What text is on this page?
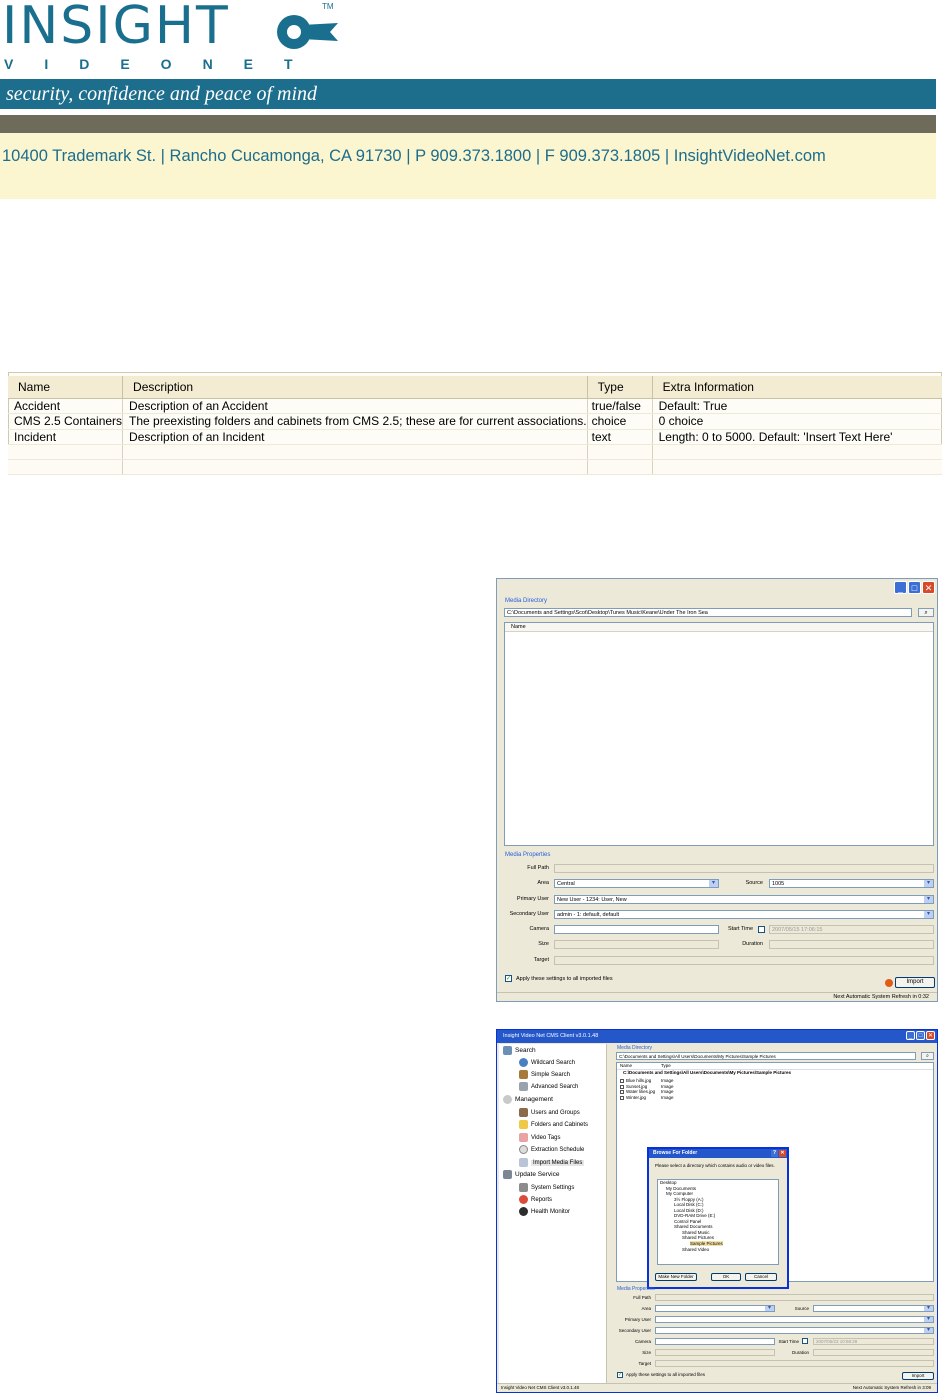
INSIGHT	TM
VIDEONET
security, confidence and peace of mind
10400 Trademark St. | Rancho Cucamonga, CA 91730 | P 909.373.1800 | F 909.373.1805 | InsightVideoNet.com
Name	Description	Type	Extra Information
Accident	Description of an Accident	true/false	Default: True
CMS 2.5 Containers	The preexisting folders and cabinets from CMS 2.5; these are for current associations.	choice	0 choice
Incident	Description of an Incident	text	Length: 0 to 5000. Default: 'Insert Text Here'

_ □ ✕
Media Directory
C:\Documents and Settings\Scot\Desktop\Tunes Music\Keane\Under The Iron Sea	⌕
Name
Media Properties
Full Path
Area	Central	▾	Source	1005	▾
Primary User	New User - 1234: User, New	▾
Secondary User	admin - 1: default, default	▾
Camera	Start Time	2007/05/15 17:06:15
Size	Duration
Target
✓ Apply these settings to all imported files	Import
Next Automatic System Refresh in 0:32
Insight Video Net CMS Client v3.0.1.48	_	□ ✕
Search
Wildcard Search
Simple Search
Advanced Search
Management
Users and Groups
Folders and Cabinets
Video Tags
Extraction Schedule
Import Media Files
Update Service
System Settings
Reports
Health Monitor
Media Directory
C:\Documents and Settings\All Users\Documents\My Pictures\Sample Pictures	⌕
Name	Type
C:\Documents and Settings\All Users\Documents\My Pictures\Sample Pictures
Blue hills.jpg	Image
Sunset.jpg	Image
Water lilies.jpg	Image
Winter.jpg	Image
Browse For Folder	✕
?
Please select a directory which contains audio or video files.
Desktop
My Documents
My Computer
3½ Floppy (A:)
Local Disk (C:)
Local Disk (D:)
DVD-RAM Drive (E:)
Control Panel
Shared Documents
Shared Music
Shared Pictures
Sample Pictures
Shared Video
Make New Folder	OK	Cancel
Media Properties
Full Path
Area	▾	Source	▾
Primary User	▾
Secondary User	▾
Camera	Start Time	2007/05/23 10:56:28
Size	Duration
Target
✓ Apply these settings to all imported files	Import
Insight Video Net CMS Client v3.0.1.48	Next Automatic System Refresh in 3:09
